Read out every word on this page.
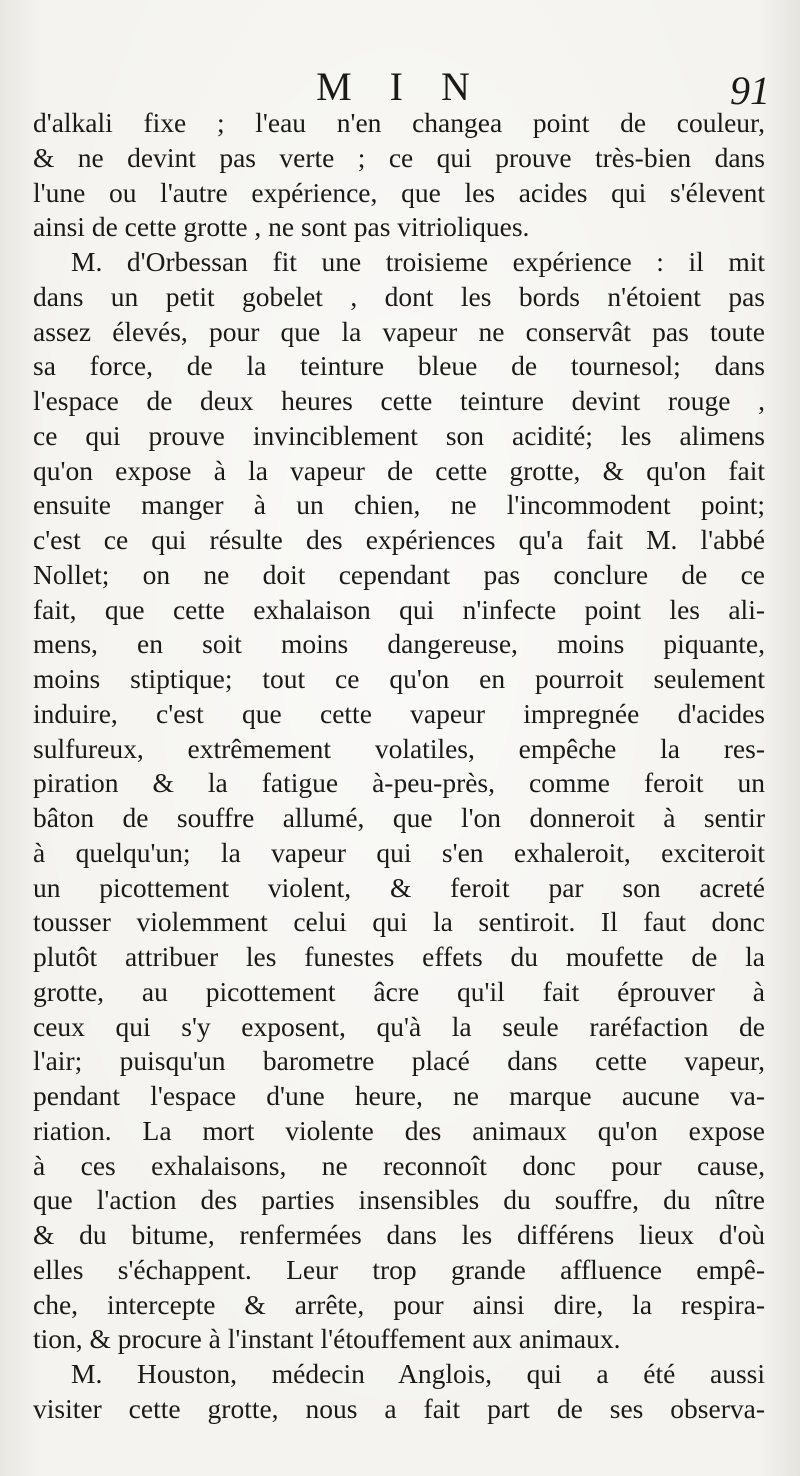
M I N	91
d'alkali fixe ; l'eau n'en changea point de couleur,
& ne devint pas verte ; ce qui prouve très-bien dans
l'une ou l'autre expérience, que les acides qui s'élevent
ainsi de cette grotte , ne sont pas vitrioliques.
M. d'Orbessan fit une troisieme expérience : il mit
dans un petit gobelet , dont les bords n'étoient pas
assez élevés, pour que la vapeur ne conservât pas toute
sa force, de la teinture bleue de tournesol; dans
l'espace de deux heures cette teinture devint rouge ,
ce qui prouve invinciblement son acidité; les alimens
qu'on expose à la vapeur de cette grotte, & qu'on fait
ensuite manger à un chien, ne l'incommodent point;
c'est ce qui résulte des expériences qu'a fait M. l'abbé
Nollet; on ne doit cependant pas conclure de ce
fait, que cette exhalaison qui n'infecte point les ali-
mens, en soit moins dangereuse, moins piquante,
moins stiptique; tout ce qu'on en pourroit seulement
induire, c'est que cette vapeur impregnée d'acides
sulfureux, extrêmement volatiles, empêche la res-
piration & la fatigue à-peu-près, comme feroit un
bâton de souffre allumé, que l'on donneroit à sentir
à quelqu'un; la vapeur qui s'en exhaleroit, exciteroit
un picottement violent, & feroit par son acreté
tousser violemment celui qui la sentiroit. Il faut donc
plutôt attribuer les funestes effets du moufette de la
grotte, au picottement âcre qu'il fait éprouver à
ceux qui s'y exposent, qu'à la seule raréfaction de
l'air; puisqu'un barometre placé dans cette vapeur,
pendant l'espace d'une heure, ne marque aucune va-
riation. La mort violente des animaux qu'on expose
à ces exhalaisons, ne reconnoît donc pour cause,
que l'action des parties insensibles du souffre, du nître
& du bitume, renfermées dans les différens lieux d'où
elles s'échappent. Leur trop grande affluence empê-
che, intercepte & arrête, pour ainsi dire, la respira-
tion, & procure à l'instant l'étouffement aux animaux.
M. Houston, médecin Anglois, qui a été aussi
visiter cette grotte, nous a fait part de ses observa-
